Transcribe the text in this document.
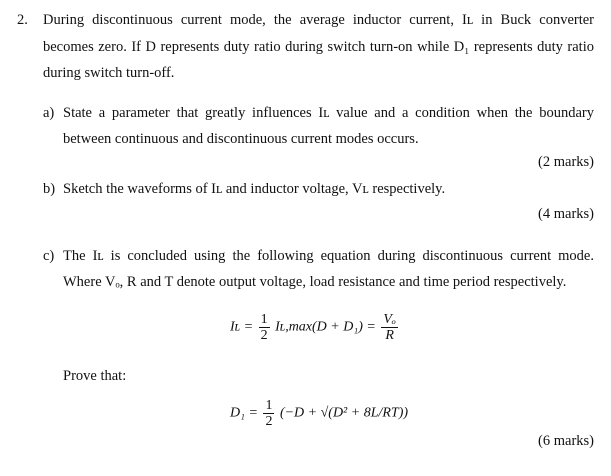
2. During discontinuous current mode, the average inductor current, Iʟ in Buck converter
becomes zero. If D represents duty ratio during switch turn-on while D₁ represents duty ratio
during switch turn-off.
a) State a parameter that greatly influences Iʟ value and a condition when the boundary
between continuous and discontinuous current modes occurs.
(2 marks)
b) Sketch the waveforms of Iʟ and inductor voltage, Vʟ respectively.
(4 marks)
c) The Iʟ is concluded using the following equation during discontinuous current mode.
Where Vₒ, R and T denote output voltage, load resistance and time period respectively.
Iʟ = $\frac{1}{2}$ Iʟ,max(D + $D_1) = \frac{\text{Vₒ}}{R}$
Prove that:
$D_1 = \frac{1}{2} (-D + √(D^2 + 8L/RT))$
(6 marks)
